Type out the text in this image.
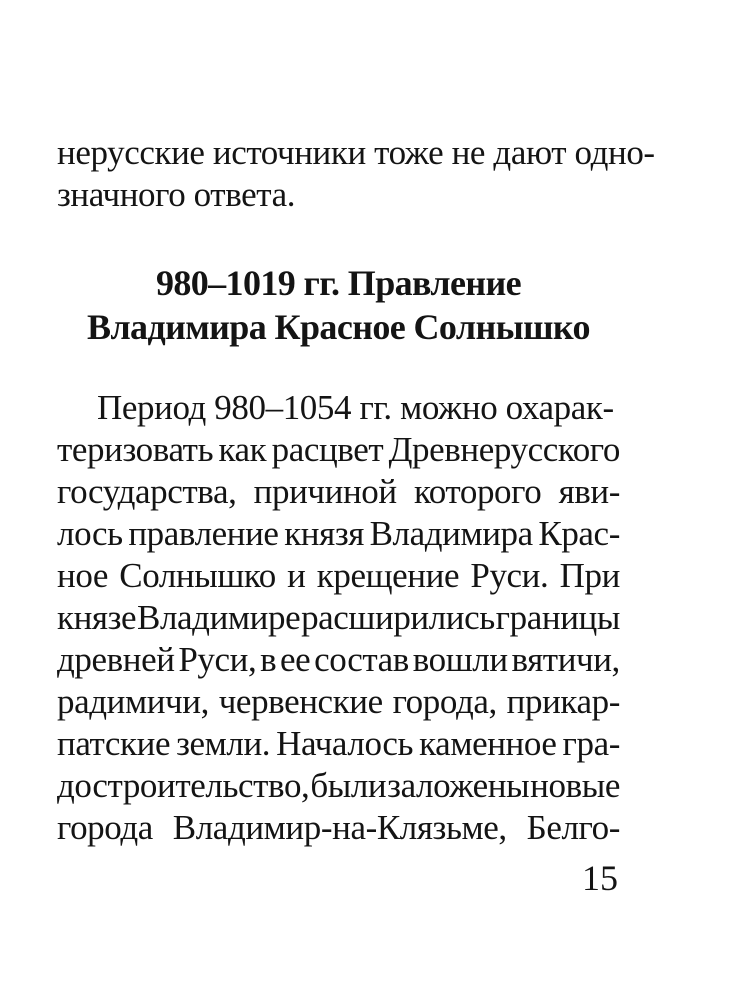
нерусские источники тоже не дают одно-
значного ответа.
980–1019 гг. Правление
Владимира Красное Солнышко
Период 980–1054 гг. можно охарак-
теризовать как расцвет Древнерусского
государства, причиной которого яви-
лось правление князя Владимира Крас-
ное Солнышко и крещение Руси. При
князе Владимире расширились границы
древней Руси, в ее состав вошли вятичи,
радимичи, червенские города, прикар-
патские земли. Началось каменное гра-
достроительство, были заложены новые
города Владимир-на-Клязьме, Белго-
15
